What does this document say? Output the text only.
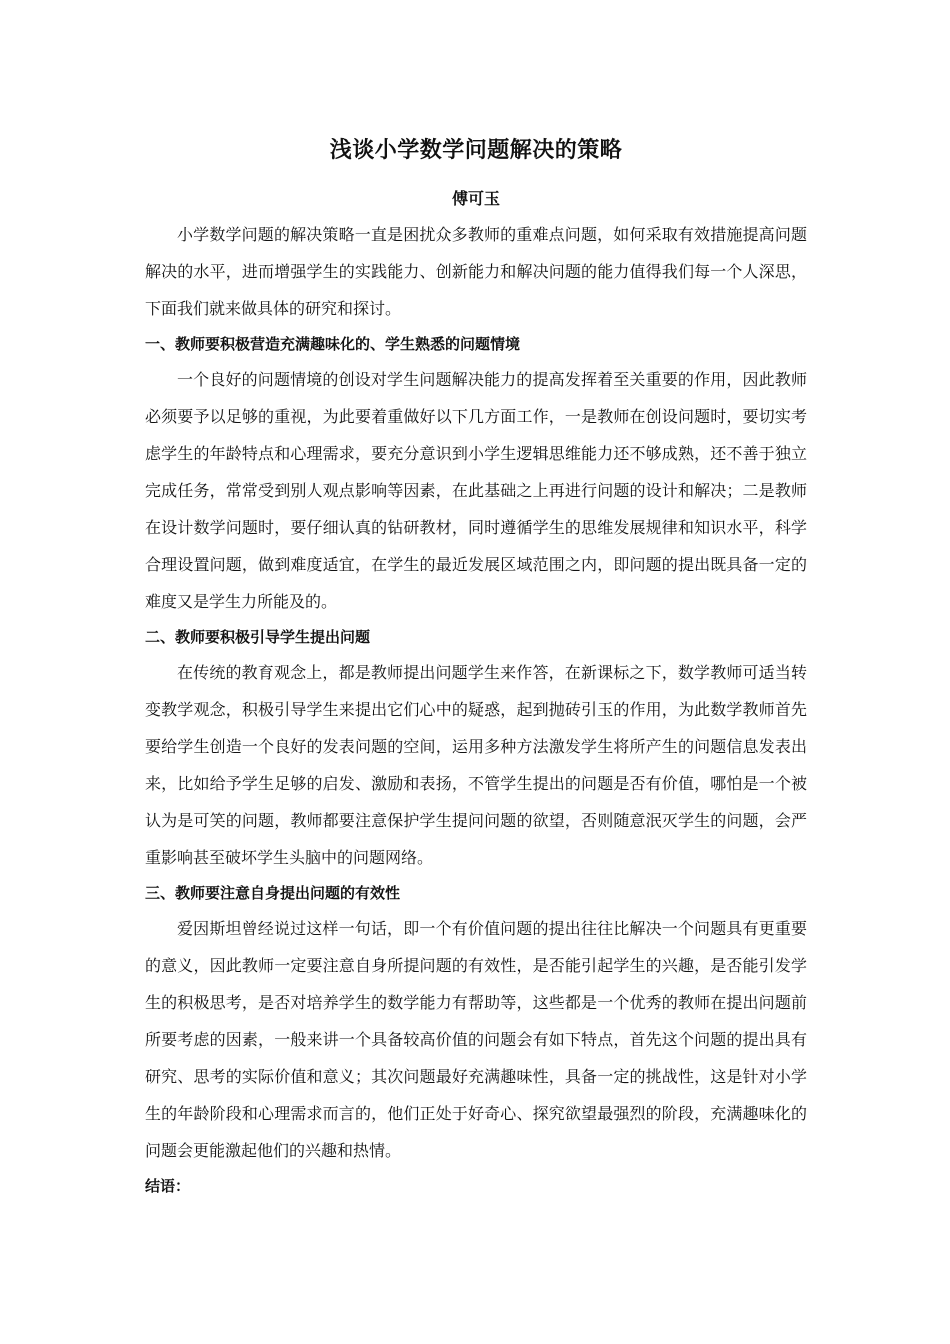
浅谈小学数学问题解决的策略
傅可玉

小学数学问题的解决策略一直是困扰众多教师的重难点问题，如何采取有效措施提高问题解决的水平，进而增强学生的实践能力、创新能力和解决问题的能力值得我们每一个人深思，下面我们就来做具体的研究和探讨。

一、教师要积极营造充满趣味化的、学生熟悉的问题情境

一个良好的问题情境的创设对学生问题解决能力的提高发挥着至关重要的作用，因此教师必须要予以足够的重视，为此要着重做好以下几方面工作，一是教师在创设问题时，要切实考虑学生的年龄特点和心理需求，要充分意识到小学生逻辑思维能力还不够成熟，还不善于独立完成任务，常常受到别人观点影响等因素，在此基础之上再进行问题的设计和解决；二是教师在设计数学问题时，要仔细认真的钻研教材，同时遵循学生的思维发展规律和知识水平，科学合理设置问题，做到难度适宜，在学生的最近发展区域范围之内，即问题的提出既具备一定的难度又是学生力所能及的。

二、教师要积极引导学生提出问题

在传统的教育观念上，都是教师提出问题学生来作答，在新课标之下，数学教师可适当转变教学观念，积极引导学生来提出它们心中的疑惑，起到抛砖引玉的作用，为此数学教师首先要给学生创造一个良好的发表问题的空间，运用多种方法激发学生将所产生的问题信息发表出来，比如给予学生足够的启发、激励和表扬，不管学生提出的问题是否有价值，哪怕是一个被认为是可笑的问题，教师都要注意保护学生提问问题的欲望，否则随意泯灭学生的问题，会严重影响甚至破坏学生头脑中的问题网络。

三、教师要注意自身提出问题的有效性

爱因斯坦曾经说过这样一句话，即一个有价值问题的提出往往比解决一个问题具有更重要的意义，因此教师一定要注意自身所提问题的有效性，是否能引起学生的兴趣，是否能引发学生的积极思考，是否对培养学生的数学能力有帮助等，这些都是一个优秀的教师在提出问题前所要考虑的因素，一般来讲一个具备较高价值的问题会有如下特点，首先这个问题的提出具有研究、思考的实际价值和意义；其次问题最好充满趣味性，具备一定的挑战性，这是针对小学生的年龄阶段和心理需求而言的，他们正处于好奇心、探究欲望最强烈的阶段，充满趣味化的问题会更能激起他们的兴趣和热情。

结语：
